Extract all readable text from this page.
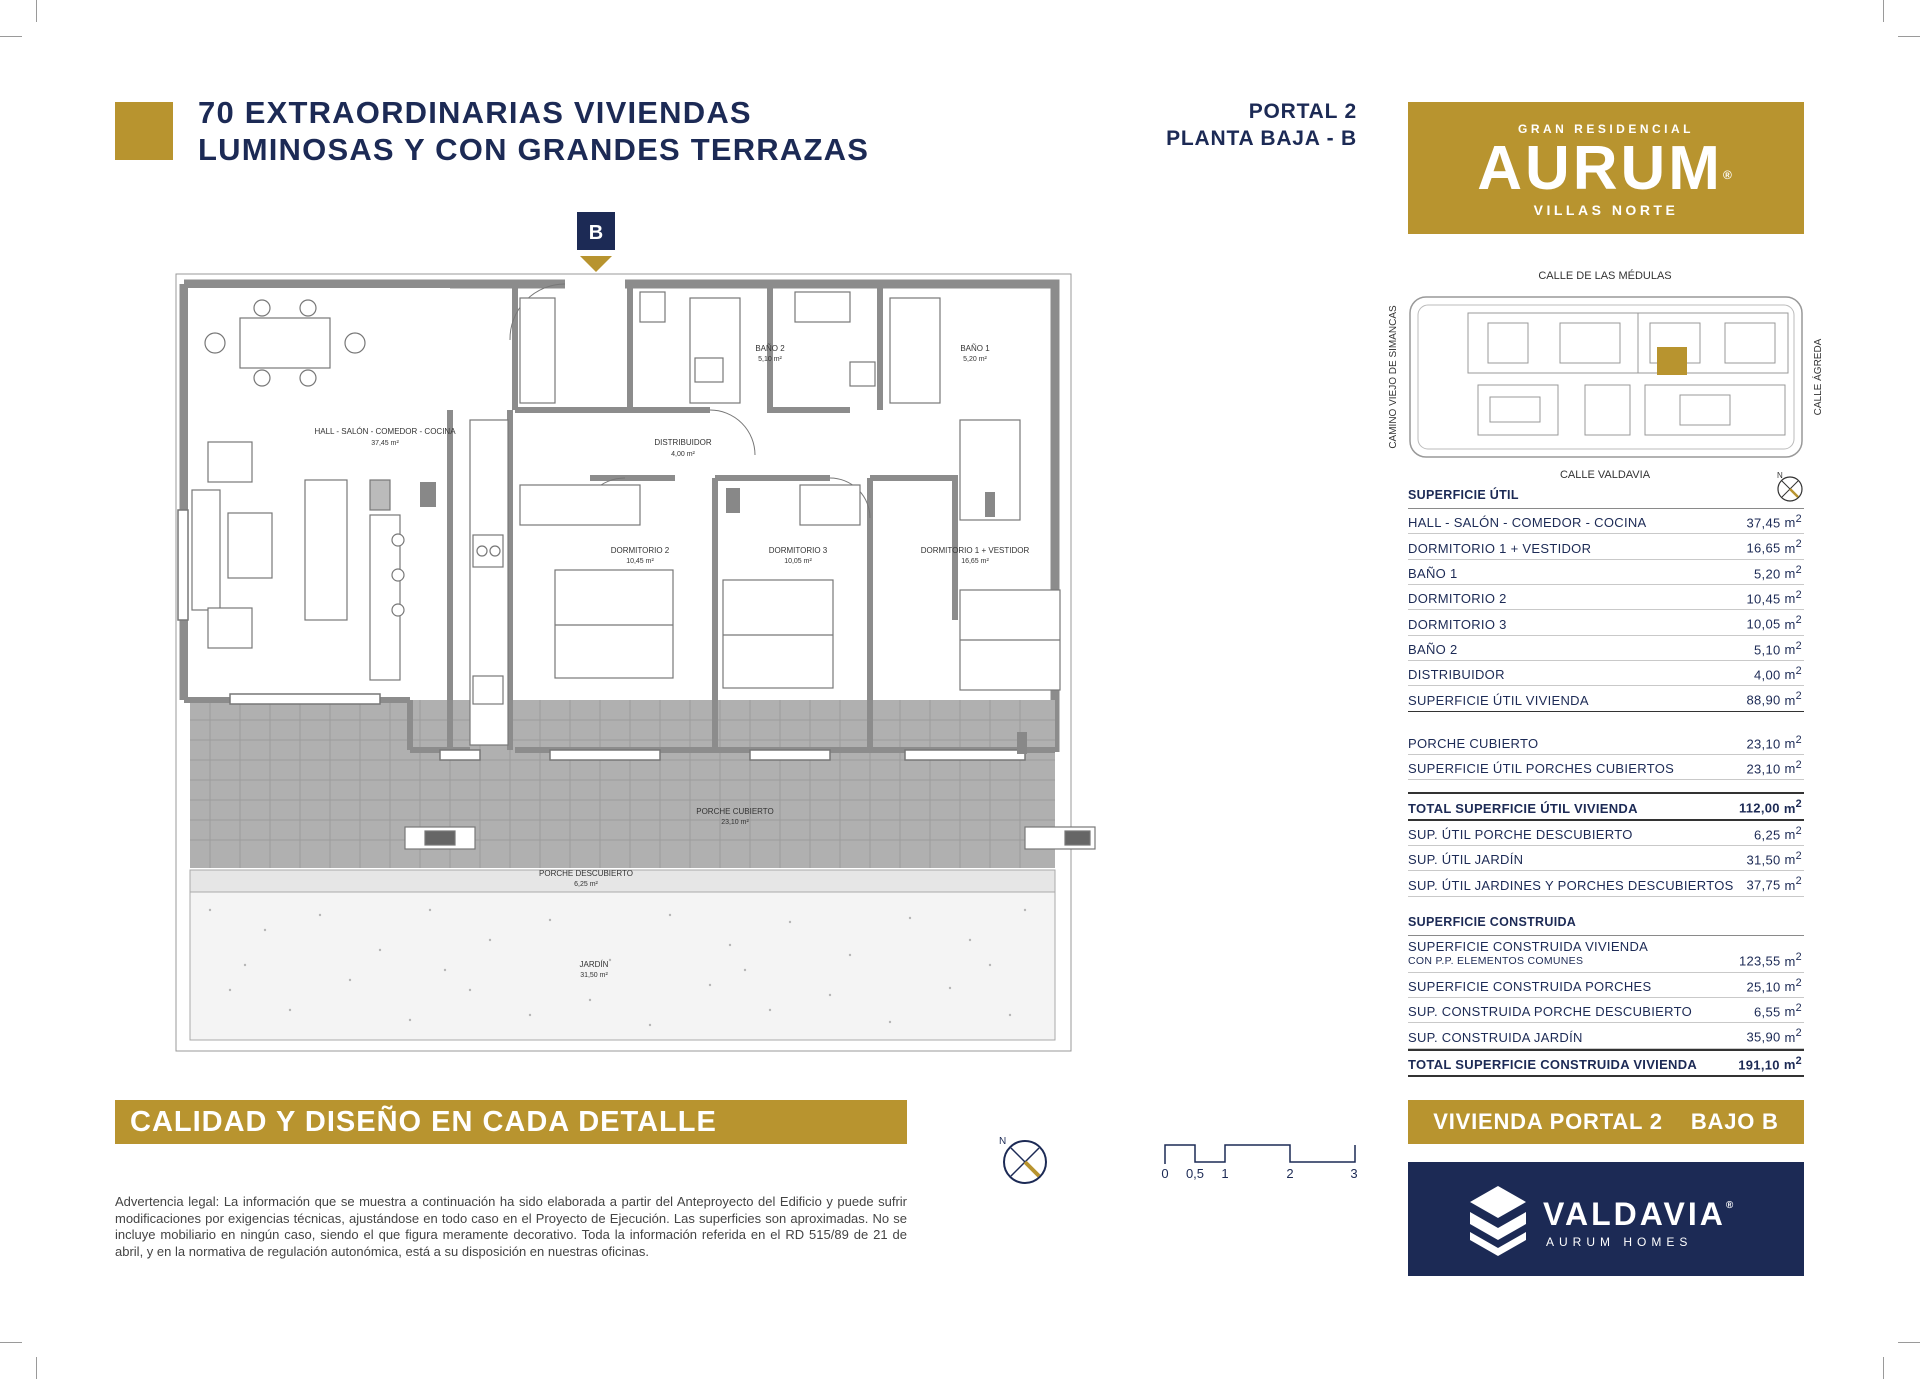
70 EXTRAORDINARIAS VIVIENDAS
LUMINOSAS Y CON GRANDES TERRAZAS
PORTAL 2
PLANTA BAJA - B	GRAN RESIDENCIAL
AURUM®
VILLAS NORTE
B
HALL - SALÓN - COMEDOR - COCINA
37,45 m²
BAÑO 2
5,10 m²
BAÑO 1
5,20 m²
DISTRIBUIDOR
4,00 m²
DORMITORIO 2
10,45 m²
DORMITORIO 3
10,05 m²
DORMITORIO 1 + VESTIDOR
16,65 m²
PORCHE CUBIERTO
23,10 m²
PORCHE DESCUBIERTO
6,25 m²
JARDÍN
31,50 m²
CALLE DE LAS MÉDULAS
CALLE VALDAVIA
CAMINO VIEJO DE SIMANCAS	CALLE ÁGREDA
N
SUPERFICIE ÚTIL
HALL - SALÓN - COMEDOR - COCINA	37,45 $m^2$
DORMITORIO 1 + VESTIDOR	16,65 $m^2$
BAÑO 1	5,20 $m^2$
DORMITORIO 2	10,45 $m^2$
DORMITORIO 3	10,05 $m^2$
BAÑO 2	5,10 $m^2$
DISTRIBUIDOR	4,00 $m^2$
SUPERFICIE ÚTIL VIVIENDA	88,90 $m^2$
PORCHE CUBIERTO	23,10 $m^2$
SUPERFICIE ÚTIL PORCHES CUBIERTOS	23,10 $m^2$
TOTAL SUPERFICIE ÚTIL VIVIENDA	112,00 $m^2$
SUP. ÚTIL PORCHE DESCUBIERTO	6,25 $m^2$
SUP. ÚTIL JARDÍN	31,50 $m^2$
SUP. ÚTIL JARDINES Y PORCHES DESCUBIERTOS 37,75 $m^2$
SUPERFICIE CONSTRUIDA
SUPERFICIE CONSTRUIDA VIVIENDA
CON P.P. ELEMENTOS COMUNES	123,55 $m^2$
SUPERFICIE CONSTRUIDA PORCHES	25,10 $m^2$
SUP. CONSTRUIDA PORCHE DESCUBIERTO	6,55 $m^2$
SUP. CONSTRUIDA JARDÍN	35,90 $m^2$
TOTAL SUPERFICIE CONSTRUIDA VIVIENDA	191,10 $m^2$
CALIDAD Y DISEÑO EN CADA DETALLE	VIVIENDA PORTAL 2 BAJO B
N
0 0,5 1	2	3
Advertencia legal: La información que se muestra a continuación ha sido elaborada a partir del Anteproyecto del Edificio y puede sufrir modificaciones por exigencias técnicas, ajustándose en todo caso en el Proyecto de Ejecución. Las superficies son aproximadas. No se incluye mobiliario en ningún caso, siendo el que figura meramente decorativo. Toda la información referida en el RD 515/89 de 21 de abril, y en la normativa de regulación autonómica, está a su disposición en nuestras oficinas.
VALDAVIA®
AURUM HOMES
